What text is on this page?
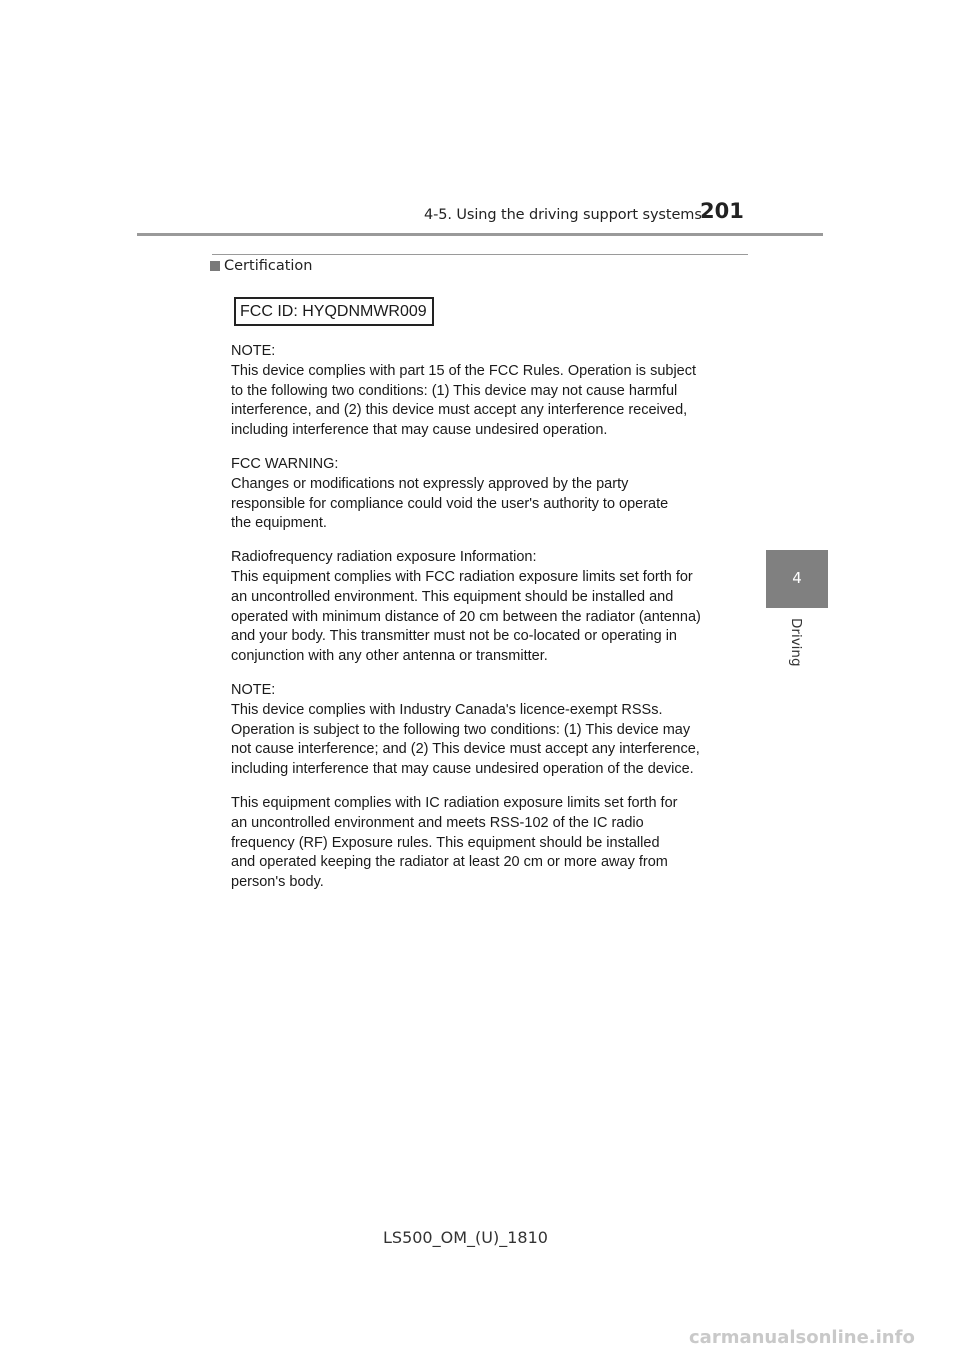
4-5. Using the driving support systems
201
Certification
FCC ID: HYQDNMWR009

NOTE:
This device complies with part 15 of the FCC Rules. Operation is subject
to the following two conditions: (1) This device may not cause harmful
interference, and (2) this device must accept any interference received,
including interference that may cause undesired operation.

FCC WARNING:
Changes or modifications not expressly approved by the party
responsible for compliance could void the user's authority to operate
the equipment.

Radiofrequency radiation exposure Information:
This equipment complies with FCC radiation exposure limits set forth for
an uncontrolled environment. This equipment should be installed and
operated with minimum distance of 20 cm between the radiator (antenna)
and your body. This transmitter must not be co-located or operating in
conjunction with any other antenna or transmitter.

NOTE:
This device complies with Industry Canada's licence-exempt RSSs.
Operation is subject to the following two conditions: (1) This device may
not cause interference; and (2) This device must accept any interference,
including interference that may cause undesired operation of the device.

This equipment complies with IC radiation exposure limits set forth for
an uncontrolled environment and meets RSS-102 of the IC radio
frequency (RF) Exposure rules. This equipment should be installed
and operated keeping the radiator at least 20 cm or more away from
person's body.

4
Driving
LS500_OM_(U)_1810
carmanualsonline.info
